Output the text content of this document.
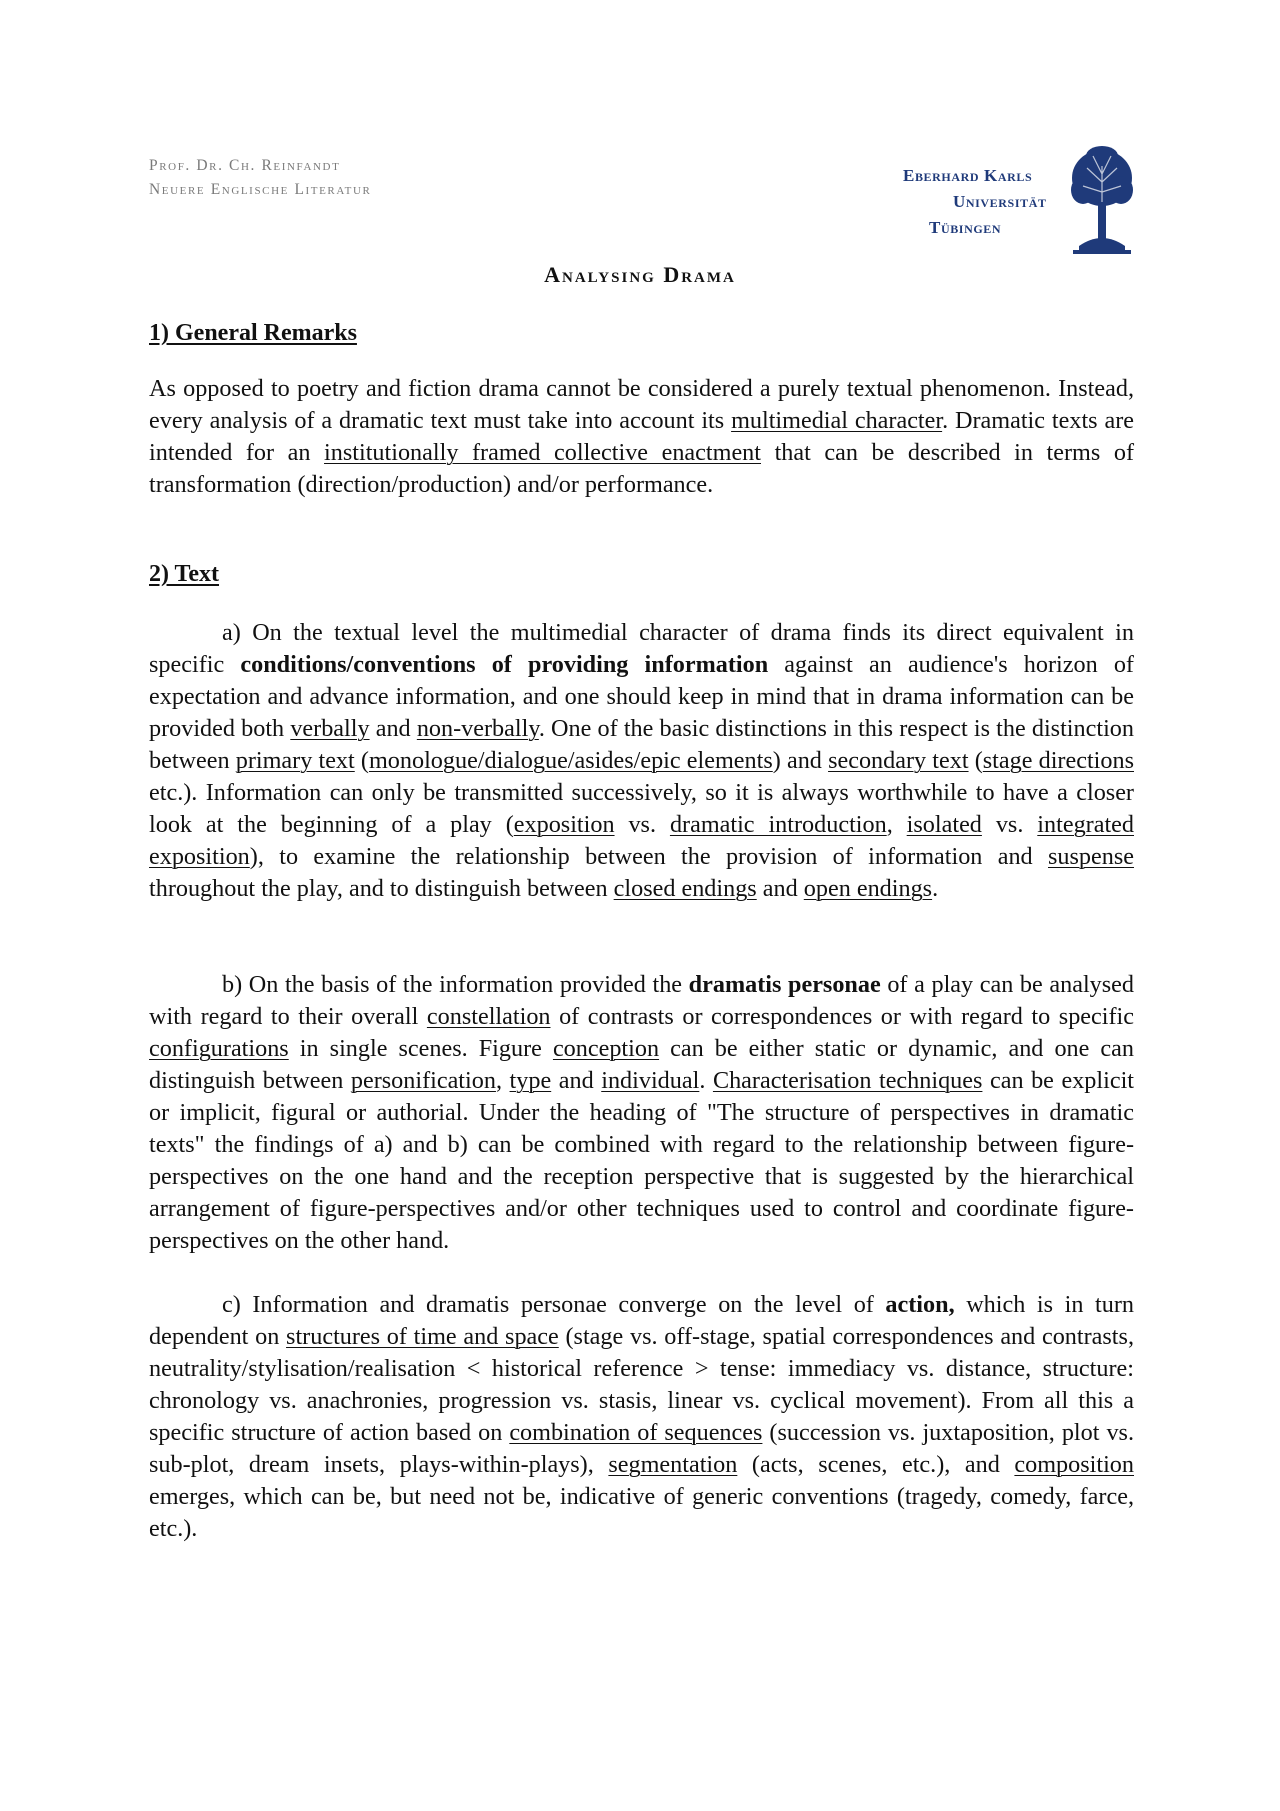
Prof. Dr. Ch. Reinfandt
Neuere Englische Literatur
Eberhard Karls
Universität
Tübingen
Analysing Drama
1) General Remarks

As opposed to poetry and fiction drama cannot be considered a purely textual phenomenon. Instead, every analysis of a dramatic text must take into account its multimedial character. Dramatic texts are intended for an institutionally framed collective enactment that can be described in terms of transformation (direction/production) and/or performance.

2) Text

a) On the textual level the multimedial character of drama finds its direct equivalent in specific conditions/conventions of providing information against an audience's horizon of expectation and advance information, and one should keep in mind that in drama information can be provided both verbally and non-verbally. One of the basic distinctions in this respect is the distinction between primary text (monologue/dialogue/asides/epic elements) and secondary text (stage directions etc.). Information can only be transmitted successively, so it is always worthwhile to have a closer look at the beginning of a play (exposition vs. dramatic introduction, isolated vs. integrated exposition), to examine the relationship between the provision of information and suspense throughout the play, and to distinguish between closed endings and open endings.

b) On the basis of the information provided the dramatis personae of a play can be analysed with regard to their overall constellation of contrasts or correspondences or with regard to specific configurations in single scenes. Figure conception can be either static or dynamic, and one can distinguish between personification, type and individual. Characterisation techniques can be explicit or implicit, figural or authorial. Under the heading of "The structure of perspectives in dramatic texts" the findings of a) and b) can be combined with regard to the relationship between figure-perspectives on the one hand and the reception perspective that is suggested by the hierarchical arrangement of figure-perspectives and/or other techniques used to control and coordinate figure-perspectives on the other hand.

c) Information and dramatis personae converge on the level of action, which is in turn dependent on structures of time and space (stage vs. off-stage, spatial correspondences and contrasts, neutrality/stylisation/realisation < historical reference > tense: immediacy vs. distance, structure: chronology vs. anachronies, progression vs. stasis, linear vs. cyclical movement). From all this a specific structure of action based on combination of sequences (succession vs. juxtaposition, plot vs. sub-plot, dream insets, plays-within-plays), segmentation (acts, scenes, etc.), and composition emerges, which can be, but need not be, indicative of generic conventions (tragedy, comedy, farce, etc.).
